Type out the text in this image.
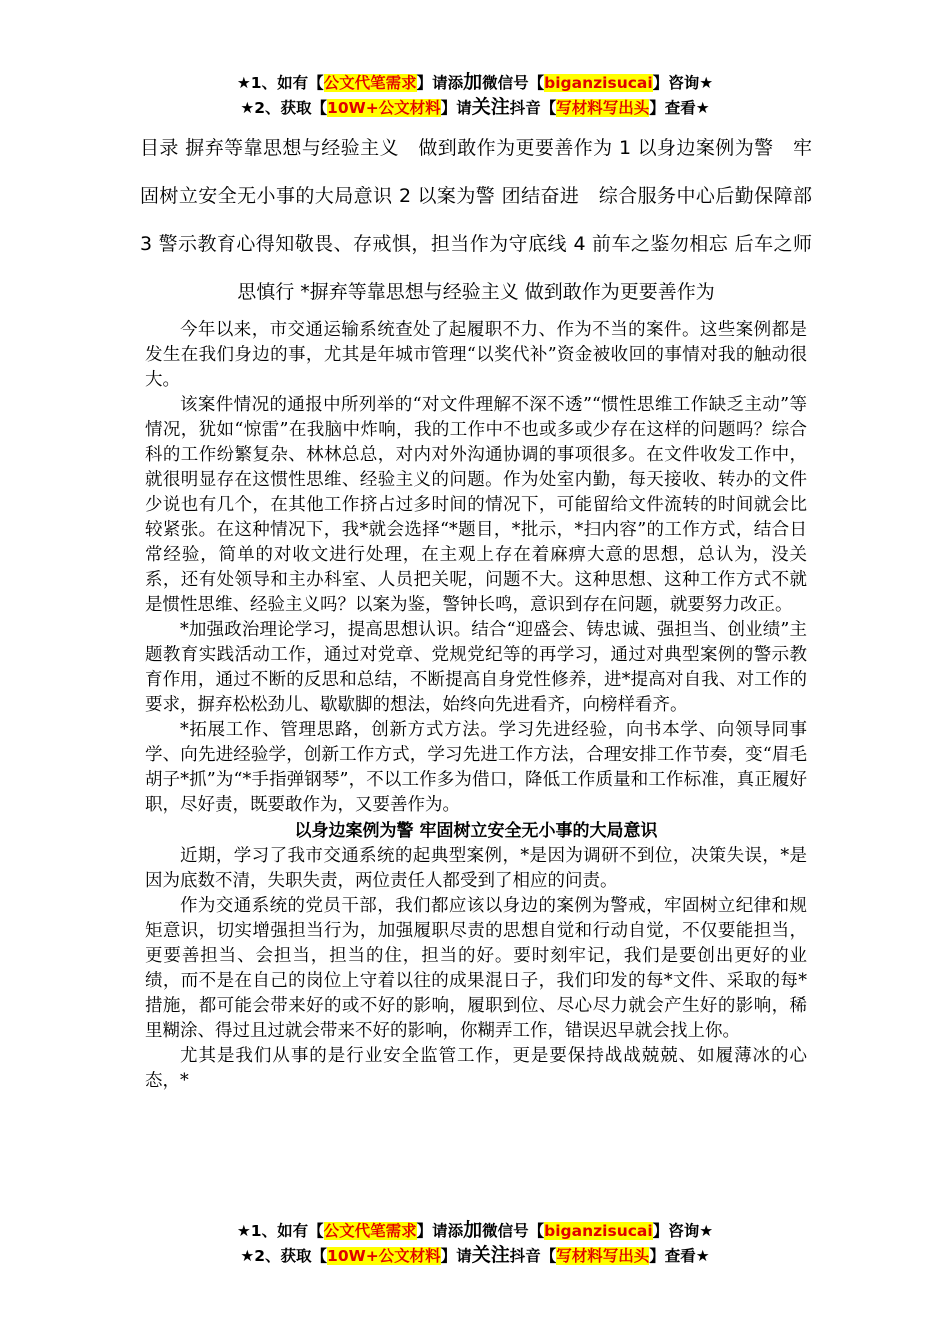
★1、如有【公文代笔需求】请添加微信号【biganzisucai】咨询★
★2、获取【10W+公文材料】请关注抖音【写材料写出头】查看★
目录 摒弃等靠思想与经验主义　做到敢作为更要善作为 1 以身边案例为警　牢固树立安全无小事的大局意识 2 以案为警 团结奋进　综合服务中心后勤保障部 3 警示教育心得知敬畏、存戒惧，担当作为守底线 4 前车之鉴勿相忘 后车之师思慎行 *摒弃等靠思想与经验主义 做到敢作为更要善作为

今年以来，市交通运输系统查处了起履职不力、作为不当的案件。这些案例都是发生在我们身边的事，尤其是年城市管理“以奖代补”资金被收回的事情对我的触动很大。

该案件情况的通报中所列举的“对文件理解不深不透”“惯性思维工作缺乏主动”等情况，犹如“惊雷”在我脑中炸响，我的工作中不也或多或少存在这样的问题吗？综合科的工作纷繁复杂、林林总总，对内对外沟通协调的事项很多。在文件收发工作中，就很明显存在这惯性思维、经验主义的问题。作为处室内勤，每天接收、转办的文件少说也有几个，在其他工作挤占过多时间的情况下，可能留给文件流转的时间就会比较紧张。在这种情况下，我*就会选择“*题目，*批示，*扫内容”的工作方式，结合日常经验，简单的对收文进行处理，在主观上存在着麻痹大意的思想，总认为，没关系，还有处领导和主办科室、人员把关呢，问题不大。这种思想、这种工作方式不就是惯性思维、经验主义吗？以案为鉴，警钟长鸣，意识到存在问题，就要努力改正。

*加强政治理论学习，提高思想认识。结合“迎盛会、铸忠诚、强担当、创业绩”主题教育实践活动工作，通过对党章、党规党纪等的再学习，通过对典型案例的警示教育作用，通过不断的反思和总结，不断提高自身党性修养，进*提高对自我、对工作的要求，摒弃松松劲儿、歇歇脚的想法，始终向先进看齐，向榜样看齐。

*拓展工作、管理思路，创新方式方法。学习先进经验，向书本学、向领导同事学、向先进经验学，创新工作方式，学习先进工作方法，合理安排工作节奏，变“眉毛胡子*抓”为“*手指弹钢琴”，不以工作多为借口，降低工作质量和工作标准，真正履好职，尽好责，既要敢作为，又要善作为。

以身边案例为警 牢固树立安全无小事的大局意识

近期，学习了我市交通系统的起典型案例，*是因为调研不到位，决策失误，*是因为底数不清，失职失责，两位责任人都受到了相应的问责。

作为交通系统的党员干部，我们都应该以身边的案例为警戒，牢固树立纪律和规矩意识，切实增强担当行为，加强履职尽责的思想自觉和行动自觉，不仅要能担当，更要善担当、会担当，担当的住，担当的好。要时刻牢记，我们是要创出更好的业绩，而不是在自己的岗位上守着以往的成果混日子，我们印发的每*文件、采取的每*措施，都可能会带来好的或不好的影响，履职到位、尽心尽力就会产生好的影响，稀里糊涂、得过且过就会带来不好的影响，你糊弄工作，错误迟早就会找上你。

尤其是我们从事的是行业安全监管工作，更是要保持战战兢兢、如履薄冰的心态，*

★1、如有【公文代笔需求】请添加微信号【biganzisucai】咨询★
★2、获取【10W+公文材料】请关注抖音【写材料写出头】查看★
